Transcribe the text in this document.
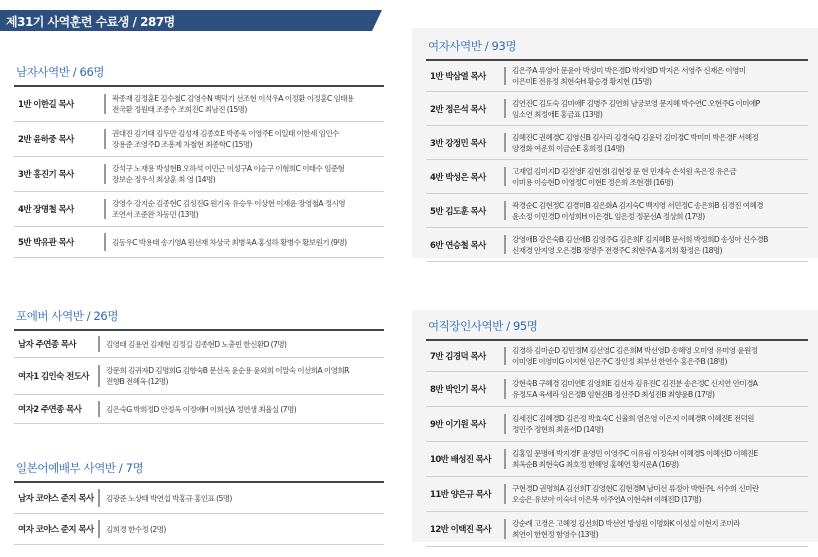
제31기 사역훈련 수료생 / 287명
남자사역반 / 66명
1반 이한길 목사
곽종재 김정훈E 김수철C 김영수N 백덕기 선조현 이석우A 이정환 이정훈C 임태용
전국환 정원태 조종수 조희진C 최남진 (15명)
2반 윤하중 목사
권대진 김기태 김두만 김성재 김종호E 박종욱 이영주E 이일태 이한세 임인수
장용준 조영주D 조흥제 차철현 최종학C (15명)
3반 홍진기 목사
강석구 노재용 박성현B 오하석 이민근 이성구A 이승구 이형희C 이태수 임준형
장보순 정우식 최상훈 최 영 (14명)
4반 장명철 목사
강영수 강지순 김종현C 김성진G 원기욱 유승우 이상현 이재윤 장영철A 정시영
조연서 조준완 차동민 (13명)
5반 박유관 목사	김동우C 박용태 송기영A 원선재 차상국 최병욱A 홍성하 황병수 황보원기 (9명)
포에버 사역반 / 26명
남자 주연종 목사	김영태 김용연 김재현 김정길 김종현D 노충빈 한신환D (7명)
여자1 김인숙 전도사
강문희 김귀자D 김명희G 김향숙B 문선옥 윤순용 윤외희 이말숙 이선희A 이영희R
전향B 전혜옥 (12명)
여자2 주연종 목사	김은숙G 박희정D 안정옥 이정애H 이희선A 정연생 최율실 (7명)
일본어예배부 사역반 / 7명
남자 코야스 준지 목사 김광준 노상태 박연섭 박홍규 홍인표 (5명)
여자 코야스 준지 목사 김희경 한수정 (2명)
여자사역반 / 93명
1반 박삼열 목사
김은주A 류영아 문윤아 박성미 박은경D 박지영D 박지은 서영주 신재은 이영미
이은미E 전유정 최현숙H 황승경 황지현 (15명)
2반 정은석 목사
김연진C 김도숙 김미애F 김병주 김연희 남궁보영 문지혜 박수연C 오현주G 이미애P
임소연 최정애E 홍금표 (13명)
3반 강정민 목사
김혜진C 권혜경C 김영신B 김사리 김경숙Q 김윤덕 김미경C 박미미 박은경F 서혜정
양경화 여운희 이금순E 홍희정 (14명)
4반 박성은 목사
고재얼 김미지D 김진영F 김현경I 김현정 문 현 민재숙 손석원 옥은정 유은금
이미용 이승현D 이영정C 이현E 정은희 조현경I (16명)
5반 김도훈 목사
곽경순C 김현정C 김경미B 김은화A 김지숙C 백지영 서민정C 송은희B 심경진 여혜경
윤소정 이민경D 이성희H 이은경L 임은정 정문선A 정상희 (17명)
6반 연승철 목사
강영애B 강은숙B 김선애B 김영주G 김은희F 김지혜B 문서희 박정희D 송성아 신수경B
신재경 안지영 오은경B 장명주 전경주C 최현주A 홍지희 황정은 (18명)
여직장인사역반 / 95명
7반 김경덕 목사
김경하 김미순D 김민정M 김선영C 김은희M 박선영D 송혜영 오미영 유미영 윤원정
이미영E 이영미G 이지현 임은주C 장인정 최부선 한연수 홍은주B (18명)
8반 박인기 목사
강현숙B 구혜경 김미연E 김영희E 김선자 김유진C 김진분 송은정C 신지연 안미경A
유정도A 육세라 임은정B 임현진B 정선주D 최성진B 최향윤B (17명)
9반 이기원 목사
김세진C 김혜경D 김은정 박효숙C 신율희 염은영 이은지 이혜경R 이혜진E 전덕원
정민주 정현희 최윤서D (14명)
10반 배성진 목사
김홍일 문명애 박지경F 윤영민 이영주C 이유림 이정숙H 이혜경S 이혜선D 이혜진E
최옥순B 최현숙G 최호정 한혜영 홍혜연 황지운A (16명)
11반 양은규 목사
구현경D 권명희A 김선희T 김영현C 김현경M 남미선 류정아 박현주L 서수희 신미란
오승은 유보아 이숙녀 이은복 이주연A 이현숙H 이해진D (17명)
12반 이택진 목사
강순례 고경은 고혜정 김선희D 박선연 방성원 이명화K 이성실 이현지 조미라
최연이 한현정 함영수 (13명)
